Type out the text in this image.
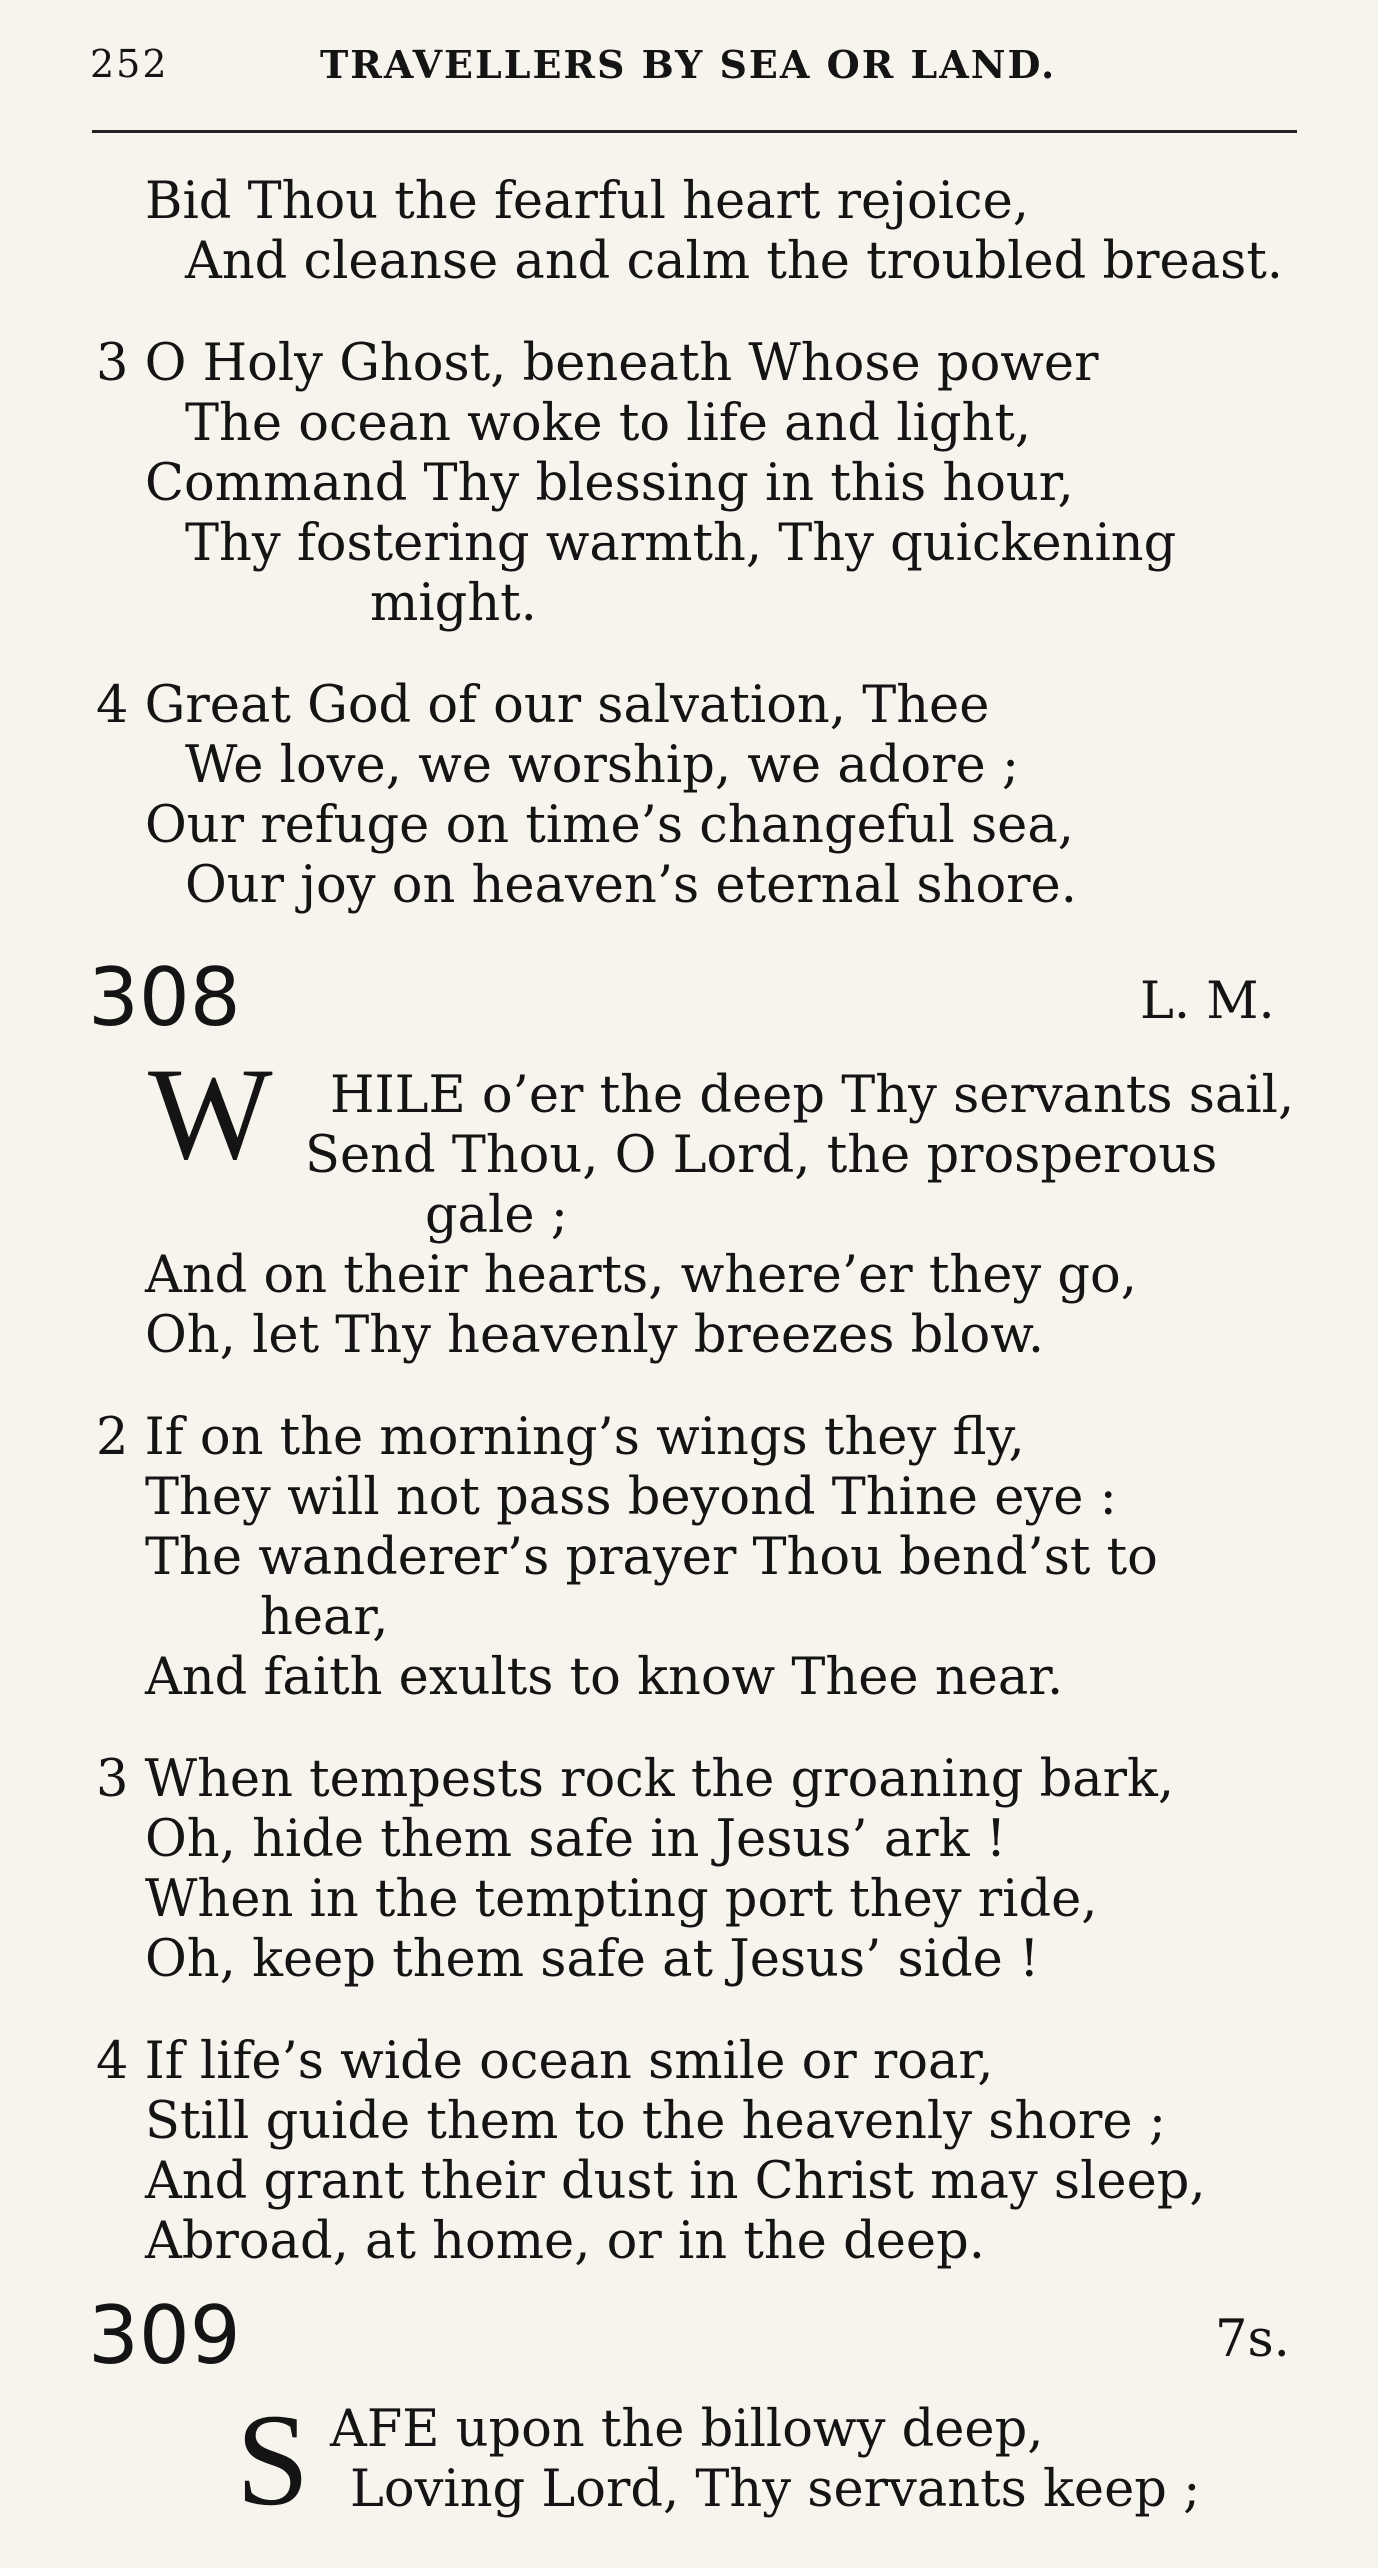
252	TRAVELLERS BY SEA OR LAND.
Bid Thou the fearful heart rejoice,
And cleanse and calm the troubled breast.
3 O Holy Ghost, beneath Whose power
The ocean woke to life and light,
Command Thy blessing in this hour,
Thy fostering warmth, Thy quickening
might.
4 Great God of our salvation, Thee
We love, we worship, we adore ;
Our refuge on time’s changeful sea,
Our joy on heaven’s eternal shore.
308	L. M.
W HILE o’er the deep Thy servants sail,
Send Thou, O Lord, the prosperous
gale ;
And on their hearts, where’er they go,
Oh, let Thy heavenly breezes blow.
2 If on the morning’s wings they fly,
They will not pass beyond Thine eye :
The wanderer’s prayer Thou bend’st to
hear,
And faith exults to know Thee near.
3 When tempests rock the groaning bark,
Oh, hide them safe in Jesus’ ark !
When in the tempting port they ride,
Oh, keep them safe at Jesus’ side !
4 If life’s wide ocean smile or roar,
Still guide them to the heavenly shore ;
And grant their dust in Christ may sleep,
Abroad, at home, or in the deep.
309	7s.
S AFE upon the billowy deep,
Loving Lord, Thy servants keep ;
